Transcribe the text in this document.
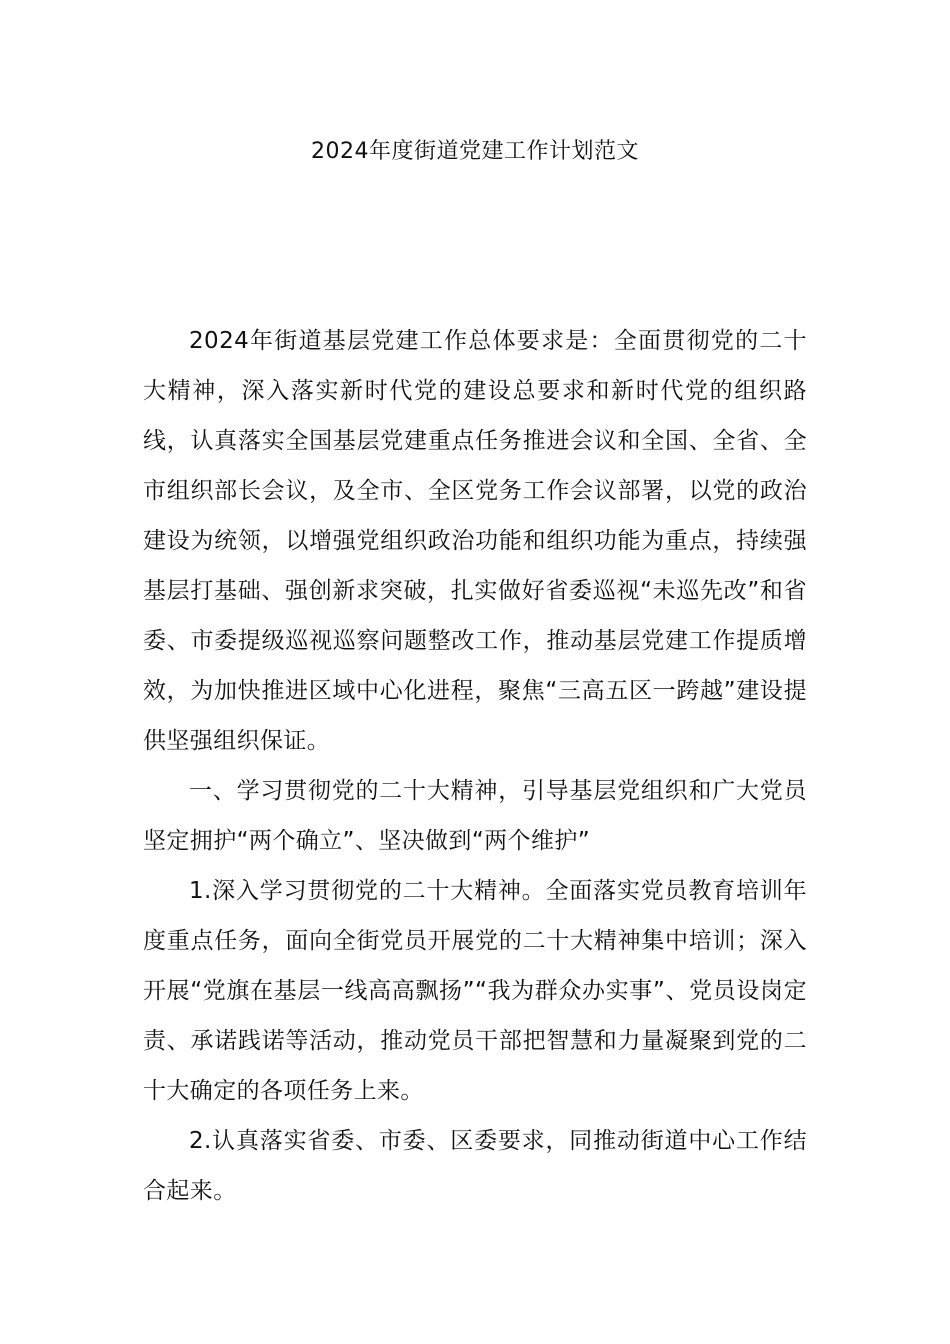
2024年度街道党建工作计划范文

2024年街道基层党建工作总体要求是：全面贯彻党的二十大精神，深入落实新时代党的建设总要求和新时代党的组织路线，认真落实全国基层党建重点任务推进会议和全国、全省、全市组织部长会议，及全市、全区党务工作会议部署，以党的政治建设为统领，以增强党组织政治功能和组织功能为重点，持续强基层打基础、强创新求突破，扎实做好省委巡视“未巡先改”和省委、市委提级巡视巡察问题整改工作，推动基层党建工作提质增效，为加快推进区域中心化进程，聚焦“三高五区一跨越”建设提供坚强组织保证。

一、学习贯彻党的二十大精神，引导基层党组织和广大党员坚定拥护“两个确立”、坚决做到“两个维护”

1.深入学习贯彻党的二十大精神。全面落实党员教育培训年度重点任务，面向全街党员开展党的二十大精神集中培训；深入开展“党旗在基层一线高高飘扬”“我为群众办实事”、党员设岗定责、承诺践诺等活动，推动党员干部把智慧和力量凝聚到党的二十大确定的各项任务上来。

2.认真落实省委、市委、区委要求，同推动街道中心工作结合起来。
